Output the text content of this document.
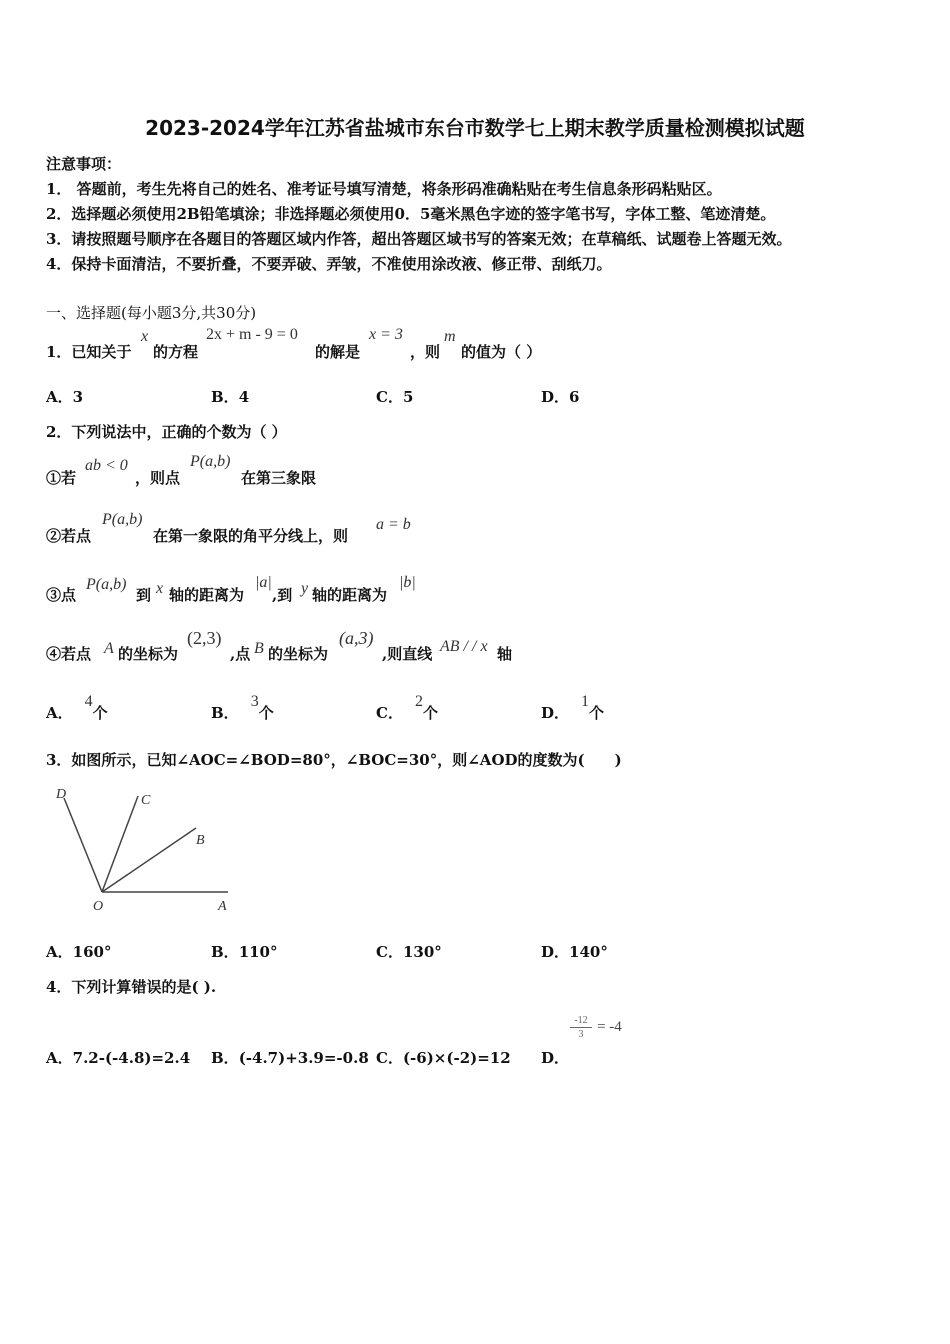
2023-2024学年江苏省盐城市东台市数学七上期末教学质量检测模拟试题
注意事项：
1． 答题前，考生先将自己的姓名、准考证号填写清楚，将条形码准确粘贴在考生信息条形码粘贴区。
2．选择题必须使用2B铅笔填涂；非选择题必须使用0．5毫米黑色字迹的签字笔书写，字体工整、笔迹清楚。
3．请按照题号顺序在各题目的答题区域内作答，超出答题区域书写的答案无效；在草稿纸、试题卷上答题无效。
4．保持卡面清洁，不要折叠，不要弄破、弄皱，不准使用涂改液、修正带、刮纸刀。
一、选择题(每小题3分,共30分)
1．已知关于
x
的方程
2x + m - 9 = 0
的解是
x = 3
，则
m
的值为（ ）
A．3	B．4	C．5	D．6
2．下列说法中，正确的个数为（ ）
①若
ab < 0
，则点
P(a,b)
在第三象限
②若点
P(a,b)
在第一象限的角平分线上，则
a = b
③点
P(a,b)
到 x 轴的距离为
|a|
,到 y 轴的距离为
|b|
④若点 A 的坐标为
(2,3)
,点 B 的坐标为
(a,3)
,则直线 AB / / x 轴
A．4个	B．3个	C．2个	D．1个
3．如图所示，已知∠AOC=∠BOD=80°，∠BOC=30°，则∠AOD的度数为(　　)
D	C
B
O	A
A．160°	B．110°	C．130°	D．140°
4．下列计算错误的是( ).
A．7.2-(-4.8)=2.4 B．(-4.7)+3.9=-0.8 C．(-6)×(-2)=12 D．
$\frac{-12}{3} = -4$
